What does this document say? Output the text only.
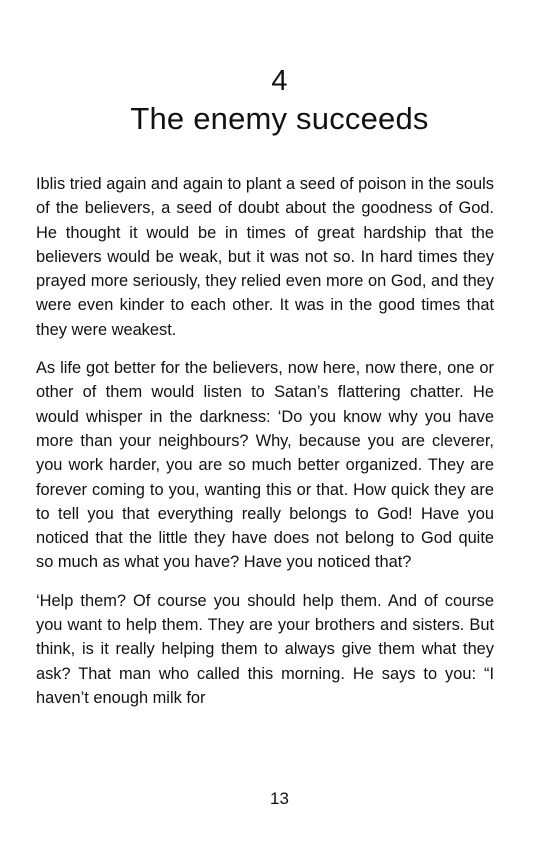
4
The enemy succeeds

Iblis tried again and again to plant a seed of poison in the souls of the believers, a seed of doubt about the goodness of God. He thought it would be in times of great hardship that the believers would be weak, but it was not so. In hard times they prayed more seriously, they relied even more on God, and they were even kinder to each other. It was in the good times that they were weakest.

As life got better for the believers, now here, now there, one or other of them would listen to Satan’s flattering chatter. He would whisper in the darkness: ‘Do you know why you have more than your neighbours? Why, because you are cleverer, you work harder, you are so much better organized. They are forever coming to you, wanting this or that. How quick they are to tell you that everything really belongs to God! Have you noticed that the little they have does not belong to God quite so much as what you have? Have you noticed that?

‘Help them? Of course you should help them. And of course you want to help them. They are your brothers and sisters. But think, is it really helping them to always give them what they ask? That man who called this morning. He says to you: “I haven’t enough milk for

13
